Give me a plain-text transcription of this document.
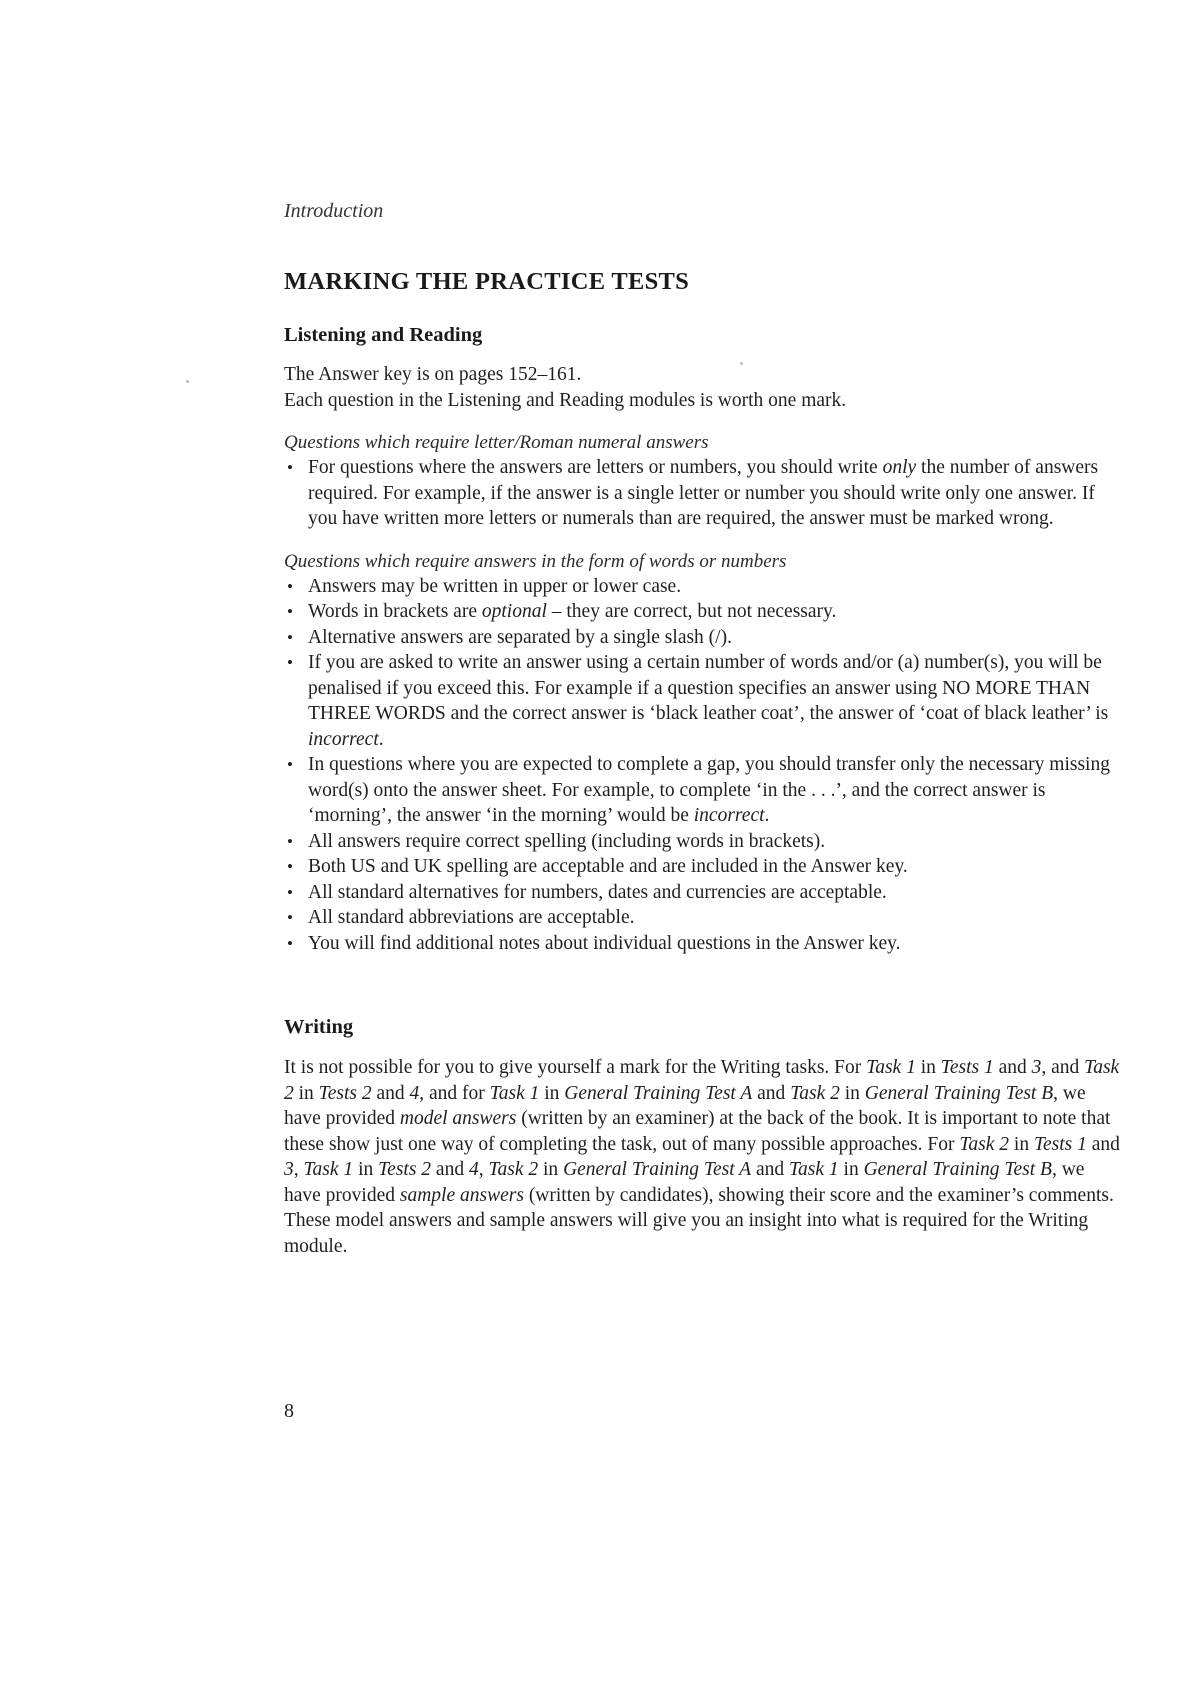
Introduction
MARKING THE PRACTICE TESTS
Listening and Reading

The Answer key is on pages 152–161.

Each question in the Listening and Reading modules is worth one mark.

Questions which require letter/Roman numeral answers

• For questions where the answers are letters or numbers, you should write only the number of answers required. For example, if the answer is a single letter or number you should write only one answer. If you have written more letters or numerals than are required, the answer must be marked wrong.

Questions which require answers in the form of words or numbers

• Answers may be written in upper or lower case.
• Words in brackets are optional – they are correct, but not necessary.
• Alternative answers are separated by a single slash (/).
• If you are asked to write an answer using a certain number of words and/or (a) number(s), you will be penalised if you exceed this. For example if a question specifies an answer using NO MORE THAN THREE WORDS and the correct answer is ‘black leather coat’, the answer of ‘coat of black leather’ is incorrect.
• In questions where you are expected to complete a gap, you should transfer only the necessary missing word(s) onto the answer sheet. For example, to complete ‘in the . . .’, and the correct answer is ‘morning’, the answer ‘in the morning’ would be incorrect.
• All answers require correct spelling (including words in brackets).
• Both US and UK spelling are acceptable and are included in the Answer key.
• All standard alternatives for numbers, dates and currencies are acceptable.
• All standard abbreviations are acceptable.
• You will find additional notes about individual questions in the Answer key.
Writing

It is not possible for you to give yourself a mark for the Writing tasks. For Task 1 in Tests 1 and 3, and Task 2 in Tests 2 and 4, and for Task 1 in General Training Test A and Task 2 in General Training Test B, we have provided model answers (written by an examiner) at the back of the book. It is important to note that these show just one way of completing the task, out of many possible approaches. For Task 2 in Tests 1 and 3, Task 1 in Tests 2 and 4, Task 2 in General Training Test A and Task 1 in General Training Test B, we have provided sample answers (written by candidates), showing their score and the examiner’s comments. These model answers and sample answers will give you an insight into what is required for the Writing module.

8
